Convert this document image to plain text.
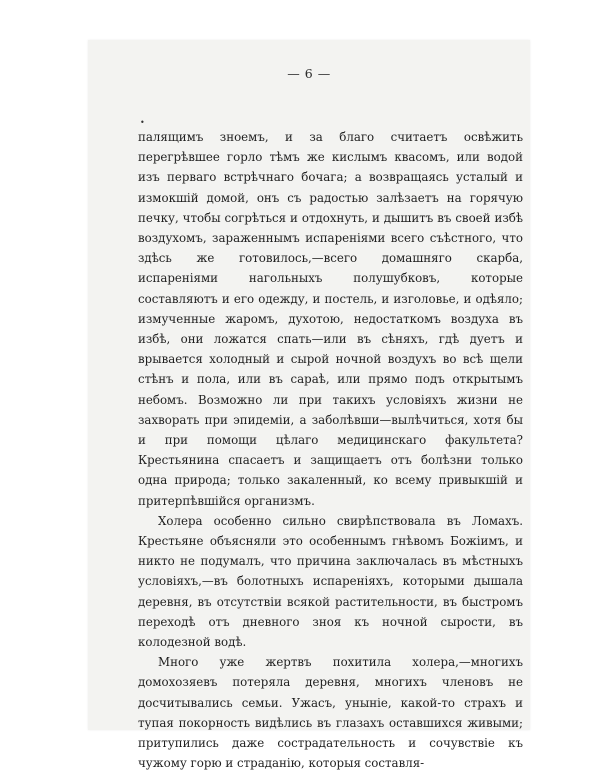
— 6 —
•

палящимъ зноемъ, и за благо считаетъ освѣжить перегрѣвшее горло тѣмъ же кислымъ квасомъ, или водой изъ перваго встрѣчнаго бочага; а возвращаясь усталый и измокшій домой, онъ съ радостью залѣзаетъ на горячую печку, чтобы согрѣться и отдохнуть, и дышитъ въ своей избѣ воздухомъ, зараженнымъ испареніями всего съѣстного, что здѣсь же готовилось,—всего домашняго скарба, испареніями нагольныхъ полушубковъ, которые составляютъ и его одежду, и постель, и изголовье, и одѣяло; измученные жаромъ, духотою, недостаткомъ воздуха въ избѣ, они ложатся спать—или въ сѣняхъ, гдѣ дуетъ и врывается холодный и сырой ночной воздухъ во всѣ щели стѣнъ и пола, или въ сараѣ, или прямо подъ открытымъ небомъ. Возможно ли при такихъ условіяхъ жизни не захворать при эпидеміи, а заболѣвши—вылѣчиться, хотя бы и при помощи цѣлаго медицинскаго факультета? Крестьянина спасаетъ и защищаетъ отъ болѣзни только одна природа; только закаленный, ко всему привыкшій и притерпѣвшійся организмъ.

Холера особенно сильно свирѣпствовала въ Ломахъ. Крестьяне объясняли это особеннымъ гнѣвомъ Божіимъ, и никто не подумалъ, что причина заключалась въ мѣстныхъ условіяхъ,—въ болотныхъ испареніяхъ, которыми дышала деревня, въ отсутствіи всякой растительности, въ быстромъ переходѣ отъ дневного зноя къ ночной сырости, въ колодезной водѣ.

Много уже жертвъ похитила холера,—многихъ домохозяевъ потеряла деревня, многихъ членовъ не досчитывались семьи. Ужасъ, уныніе, какой-то страхъ и тупая покорность видѣлись въ глазахъ оставшихся живыми; притупились даже сострадательность и сочувствіе къ чужому горю и страданію, которыя составля-
